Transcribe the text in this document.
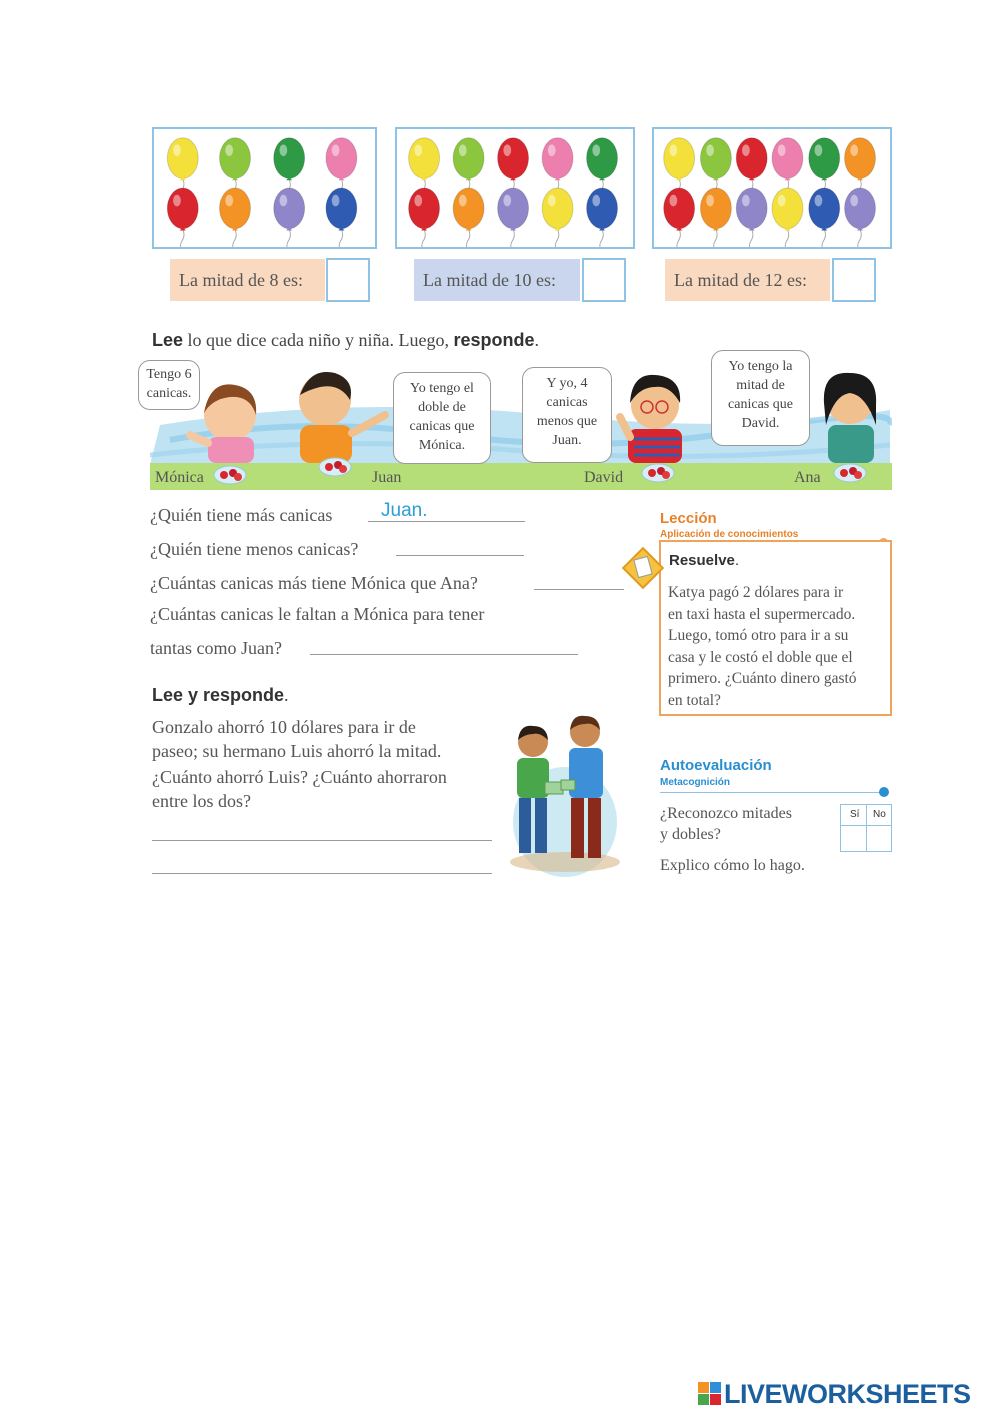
La mitad de 8 es:	La mitad de 10 es:	La mitad de 12 es:
Lee lo que dice cada niño y niña. Luego, responde.
Tengo 6 canicas.	Yo tengo el doble de canicas que Mónica.
Y yo, 4 canicas menos que Juan.
Yo tengo la mitad de canicas que David.
Mónica	Juan	David	Ana
¿Quién tiene más canicas	Juan.
¿Quién tiene menos canicas?
¿Cuántas canicas más tiene Mónica que Ana?
¿Cuántas canicas le faltan a Mónica para tener
tantas como Juan?
Lee y responde.
Gonzalo ahorró 10 dólares para ir de
paseo; su hermano Luis ahorró la mitad.
¿Cuánto ahorró Luis? ¿Cuánto ahorraron
entre los dos?
Lección
Aplicación de conocimientos
Resuelve.
Katya pagó 2 dólares para ir
en taxi hasta el supermercado.
Luego, tomó otro para ir a su
casa y le costó el doble que el
primero. ¿Cuánto dinero gastó
en total?
Autoevaluación
Metacognición
¿Reconozco mitades
y dobles?
Sí No
Explico cómo lo hago.
LIVEWORKSHEETS
